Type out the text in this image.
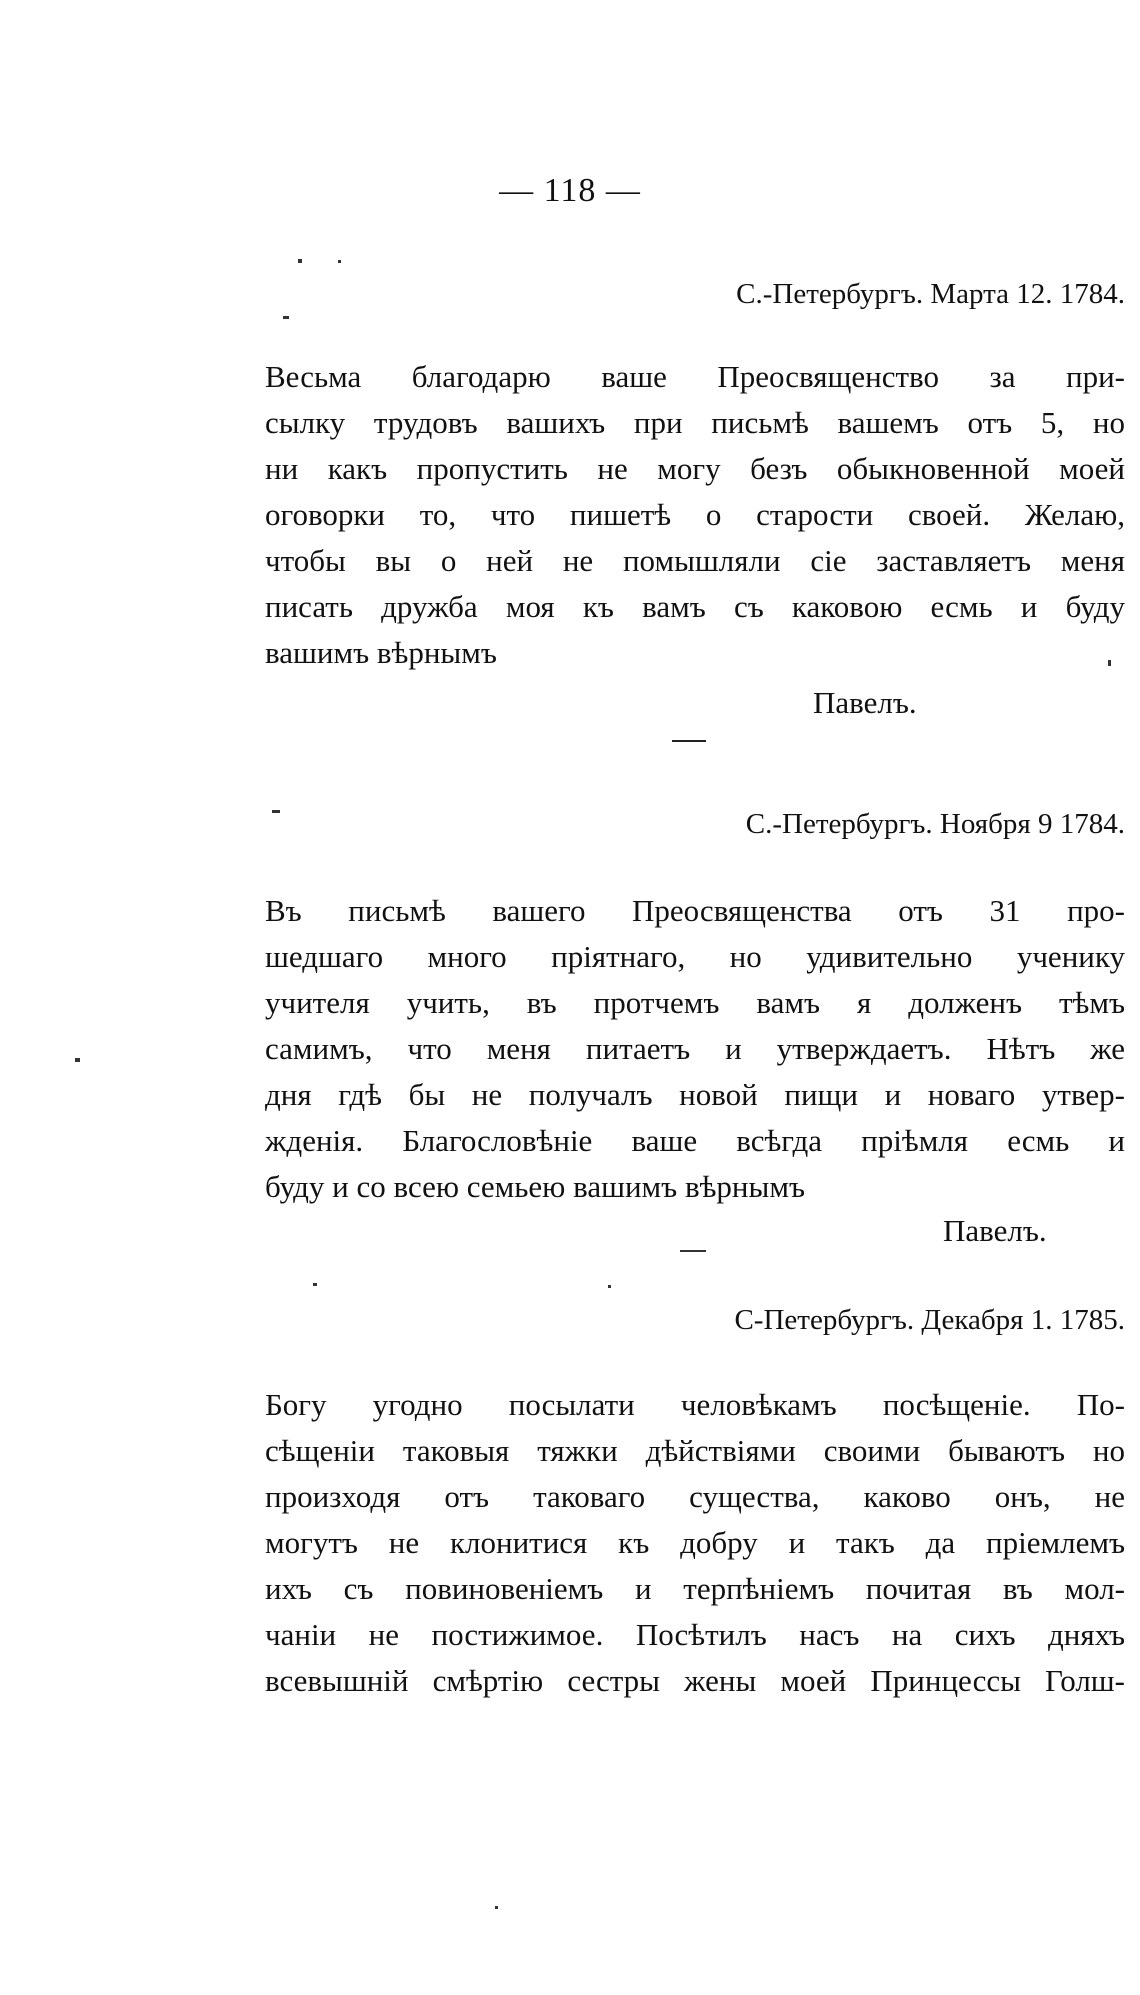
— 118 —
С.-Петербургъ. Марта 12. 1784.
Весьма благодарю ваше Преосвященство за при-
сылку трудовъ вашихъ при письмѣ вашемъ отъ 5, но
ни какъ пропустить не могу безъ обыкновенной моей
оговорки то, что пишетѣ о старости своей. Желаю,
чтобы вы о ней не помышляли сіе заставляетъ меня
писать дружба моя къ вамъ съ каковою есмь и буду
вашимъ вѣрнымъ
Павелъ.
С.-Петербургъ. Ноября 9 1784.
Въ письмѣ вашего Преосвященства отъ 31 про-
шедшаго много пріятнаго, но удивительно ученику
учителя учить, въ протчемъ вамъ я долженъ тѣмъ
самимъ, что меня питаетъ и утверждаетъ. Нѣтъ же
дня гдѣ бы не получалъ новой пищи и новаго утвер-
жденія. Благословѣніе ваше всѣгда пріѣмля есмь и
буду и со всею семьею вашимъ вѣрнымъ
Павелъ.
С-Петербургъ. Декабря 1. 1785.
Богу угодно посылати человѣкамъ посѣщеніе. По-
сѣщеніи таковыя тяжки дѣйствіями своими бываютъ но
произходя отъ таковаго существа, каково онъ, не
могутъ не клонитися къ добру и такъ да пріемлемъ
ихъ съ повиновеніемъ и терпѣніемъ почитая въ мол-
чаніи не постижимое. Посѣтилъ насъ на сихъ дняхъ
всевышній смѣртію сестры жены моей Принцессы Голш-
